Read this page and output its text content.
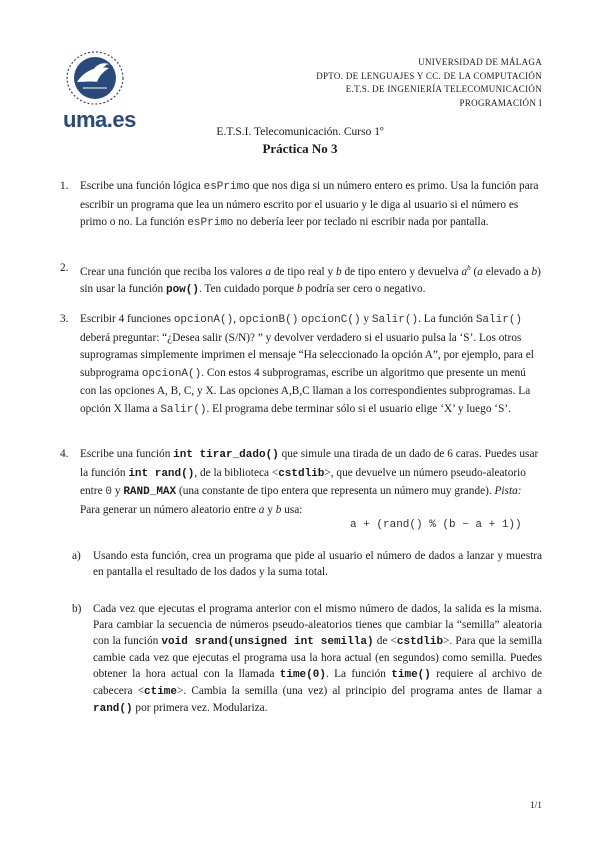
uma.es
UNIVERSIDAD DE MÁLAGA
DPTO. DE LENGUAJES Y CC. DE LA COMPUTACIÓN
E.T.S. DE INGENIERÍA TELECOMUNICACIÓN
PROGRAMACIÓN I
E.T.S.I. Telecomunicación. Curso 1º
Práctica No 3
1. Escribe una función lógica esPrimo que nos diga si un número entero es primo. Usa la función para escribir un programa que lea un número escrito por el usuario y le diga al usuario si el número es primo o no. La función esPrimo no debería leer por teclado ni escribir nada por pantalla.
2. Crear una función que reciba los valores a de tipo real y b de tipo entero y devuelva $a^b$ (a elevado a b) sin usar la función pow(). Ten cuidado porque b podría ser cero o negativo.
3. Escribir 4 funciones opcionA(), opcionB() opcionC() y Salir(). La función Salir() deberá preguntar: “¿Desea salir (S/N)? ” y devolver verdadero si el usuario pulsa la ‘S’. Los otros suprogramas simplemente imprimen el mensaje “Ha seleccionado la opción A”, por ejemplo, para el subprograma opcionA(). Con estos 4 subprogramas, escribe un algoritmo que presente un menú con las opciones A, B, C, y X. Las opciones A,B,C llaman a los correspondientes subprogramas. La opción X llama a Salir(). El programa debe terminar sólo si el usuario elige ‘X’ y luego ‘S’.
4. Escribe una función int tirar_dado() que simule una tirada de un dado de 6 caras. Puedes usar la función int rand(), de la biblioteca <cstdlib>, que devuelve un número pseudo-aleatorio entre 0 y RAND_MAX (una constante de tipo entera que representa un número muy grande). Pista: Para generar un número aleatorio entre a y b usa:
a + (rand() % (b − a + 1))
a) Usando esta función, crea un programa que pide al usuario el número de dados a lanzar y muestra en pantalla el resultado de los dados y la suma total.
b) Cada vez que ejecutas el programa anterior con el mismo número de dados, la salida es la misma. Para cambiar la secuencia de números pseudo-aleatorios tienes que cambiar la “semilla” aleatoria con la función void srand(unsigned int semilla) de <cstdlib>. Para que la semilla cambie cada vez que ejecutas el programa usa la hora actual (en segundos) como semilla. Puedes obtener la hora actual con la llamada time(0). La función time() requiere al archivo de cabecera <ctime>. Cambia la semilla (una vez) al principio del programa antes de llamar a rand() por primera vez. Modulariza.
1/1
